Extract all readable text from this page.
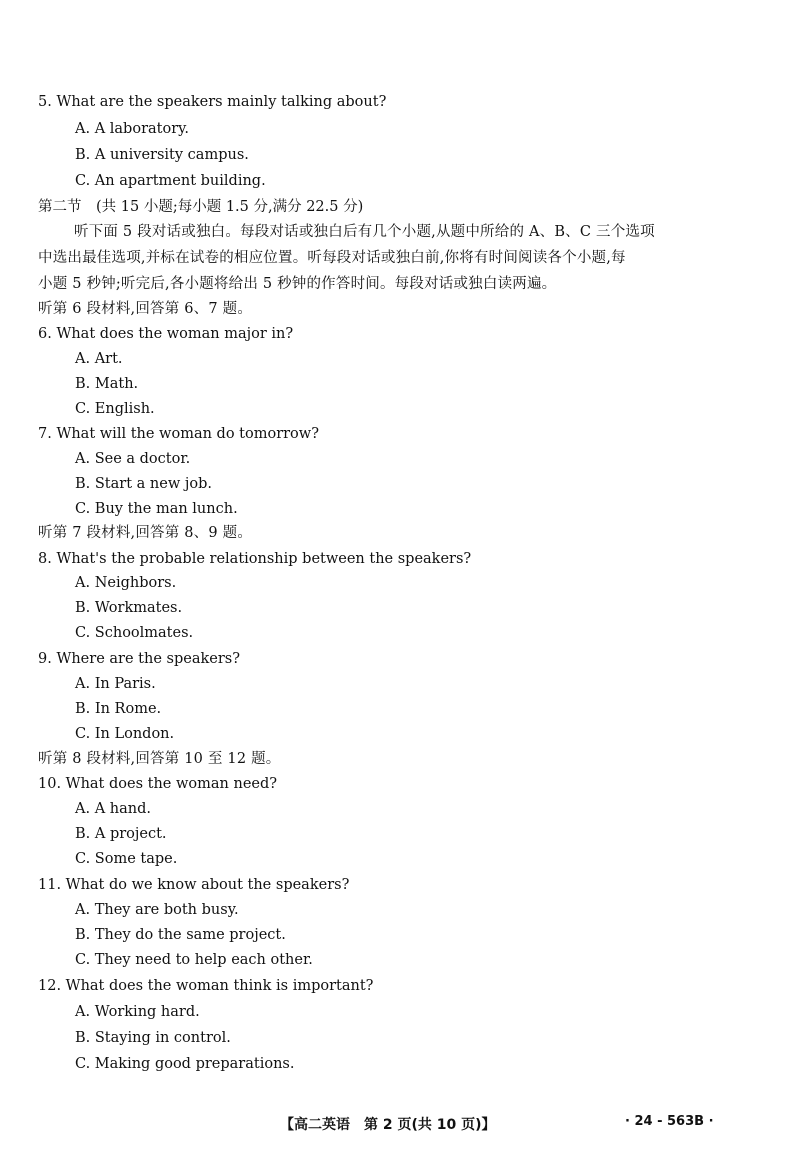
5. What are the speakers mainly talking about?
A. A laboratory.
B. A university campus.
C. An apartment building.
第二节　(共 15 小题;每小题 1.5 分,满分 22.5 分)
听下面 5 段对话或独白。每段对话或独白后有几个小题,从题中所给的 A、B、C 三个选项
中选出最佳选项,并标在试卷的相应位置。听每段对话或独白前,你将有时间阅读各个小题,每
小题 5 秒钟;听完后,各小题将给出 5 秒钟的作答时间。每段对话或独白读两遍。
听第 6 段材料,回答第 6、7 题。
6. What does the woman major in?
A. Art.
B. Math.
C. English.
7. What will the woman do tomorrow?
A. See a doctor.
B. Start a new job.
C. Buy the man lunch.
听第 7 段材料,回答第 8、9 题。
8. What's the probable relationship between the speakers?
A. Neighbors.
B. Workmates.
C. Schoolmates.
9. Where are the speakers?
A. In Paris.
B. In Rome.
C. In London.
听第 8 段材料,回答第 10 至 12 题。
10. What does the woman need?
A. A hand.
B. A project.
C. Some tape.
11. What do we know about the speakers?
A. They are both busy.
B. They do the same project.
C. They need to help each other.
12. What does the woman think is important?
A. Working hard.
B. Staying in control.
C. Making good preparations.
【高二英语　第 2 页(共 10 页)】	· 24 - 563B ·
